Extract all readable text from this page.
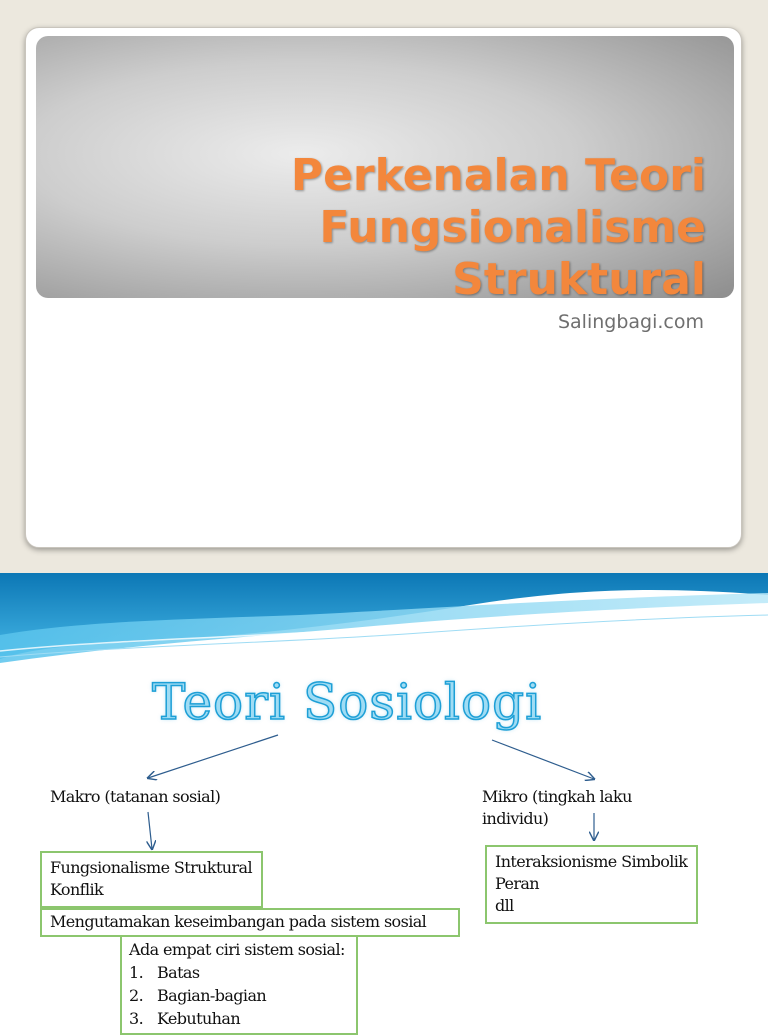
Perkenalan Teori
Fungsionalisme
Struktural

Salingbagi.com

Teori Sosiologi

Makro (tatanan sosial)	Mikro (tingkah laku individu)

Fungsionalisme Struktural
Konflik
Mengutamakan keseimbangan pada sistem sosial
Interaksionisme Simbolik
Peran
dll
Ada empat ciri sistem sosial:
1. Batas
2. Bagian-bagian
3. Kebutuhan
